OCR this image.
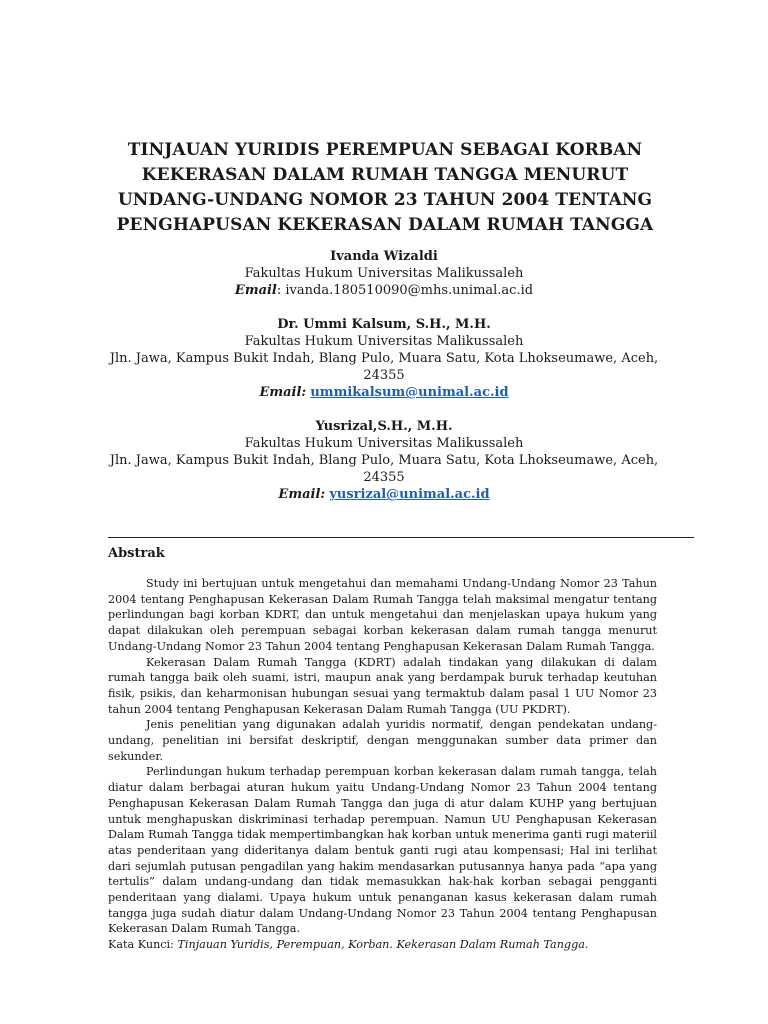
TINJAUAN YURIDIS PEREMPUAN SEBAGAI KORBAN
KEKERASAN DALAM RUMAH TANGGA MENURUT
UNDANG-UNDANG NOMOR 23 TAHUN 2004 TENTANG
PENGHAPUSAN KEKERASAN DALAM RUMAH TANGGA
Ivanda Wizaldi
Fakultas Hukum Universitas Malikussaleh
Email: ivanda.180510090@mhs.unimal.ac.id
Dr. Ummi Kalsum, S.H., M.H.
Fakultas Hukum Universitas Malikussaleh
Jln. Jawa, Kampus Bukit Indah, Blang Pulo, Muara Satu, Kota Lhokseumawe, Aceh,
24355
Email: ummikalsum@unimal.ac.id
Yusrizal,S.H., M.H.
Fakultas Hukum Universitas Malikussaleh
Jln. Jawa, Kampus Bukit Indah, Blang Pulo, Muara Satu, Kota Lhokseumawe, Aceh,
24355
Email: yusrizal@unimal.ac.id
Abstrak

Study ini bertujuan untuk mengetahui dan memahami Undang-Undang Nomor 23 Tahun 2004 tentang Penghapusan Kekerasan Dalam Rumah Tangga telah maksimal mengatur tentang perlindungan bagi korban KDRT, dan untuk mengetahui dan menjelaskan upaya hukum yang dapat dilakukan oleh perempuan sebagai korban kekerasan dalam rumah tangga menurut Undang-Undang Nomor 23 Tahun 2004 tentang Penghapusan Kekerasan Dalam Rumah Tangga.

Kekerasan Dalam Rumah Tangga (KDRT) adalah tindakan yang dilakukan di dalam rumah tangga baik oleh suami, istri, maupun anak yang berdampak buruk terhadap keutuhan fisik, psikis, dan keharmonisan hubungan sesuai yang termaktub dalam pasal 1 UU Nomor 23 tahun 2004 tentang Penghapusan Kekerasan Dalam Rumah Tangga (UU PKDRT).

Jenis penelitian yang digunakan adalah yuridis normatif, dengan pendekatan undang-undang, penelitian ini bersifat deskriptif, dengan menggunakan sumber data primer dan sekunder.

Perlindungan hukum terhadap perempuan korban kekerasan dalam rumah tangga, telah diatur dalam berbagai aturan hukum yaitu Undang-Undang Nomor 23 Tahun 2004 tentang Penghapusan Kekerasan Dalam Rumah Tangga dan juga di atur dalam KUHP yang bertujuan untuk menghapuskan diskriminasi terhadap perempuan. Namun UU Penghapusan Kekerasan Dalam Rumah Tangga tidak mempertimbangkan hak korban untuk menerima ganti rugi materiil atas penderitaan yang dideritanya dalam bentuk ganti rugi atau kompensasi; Hal ini terlihat dari sejumlah putusan pengadilan yang hakim mendasarkan putusannya hanya pada “apa yang tertulis” dalam undang-undang dan tidak memasukkan hak-hak korban sebagai pengganti penderitaan yang dialami. Upaya hukum untuk penanganan kasus kekerasan dalam rumah tangga juga sudah diatur dalam Undang-Undang Nomor 23 Tahun 2004 tentang Penghapusan Kekerasan Dalam Rumah Tangga.

Kata Kunci: Tinjauan Yuridis, Perempuan, Korban. Kekerasan Dalam Rumah Tangga.
